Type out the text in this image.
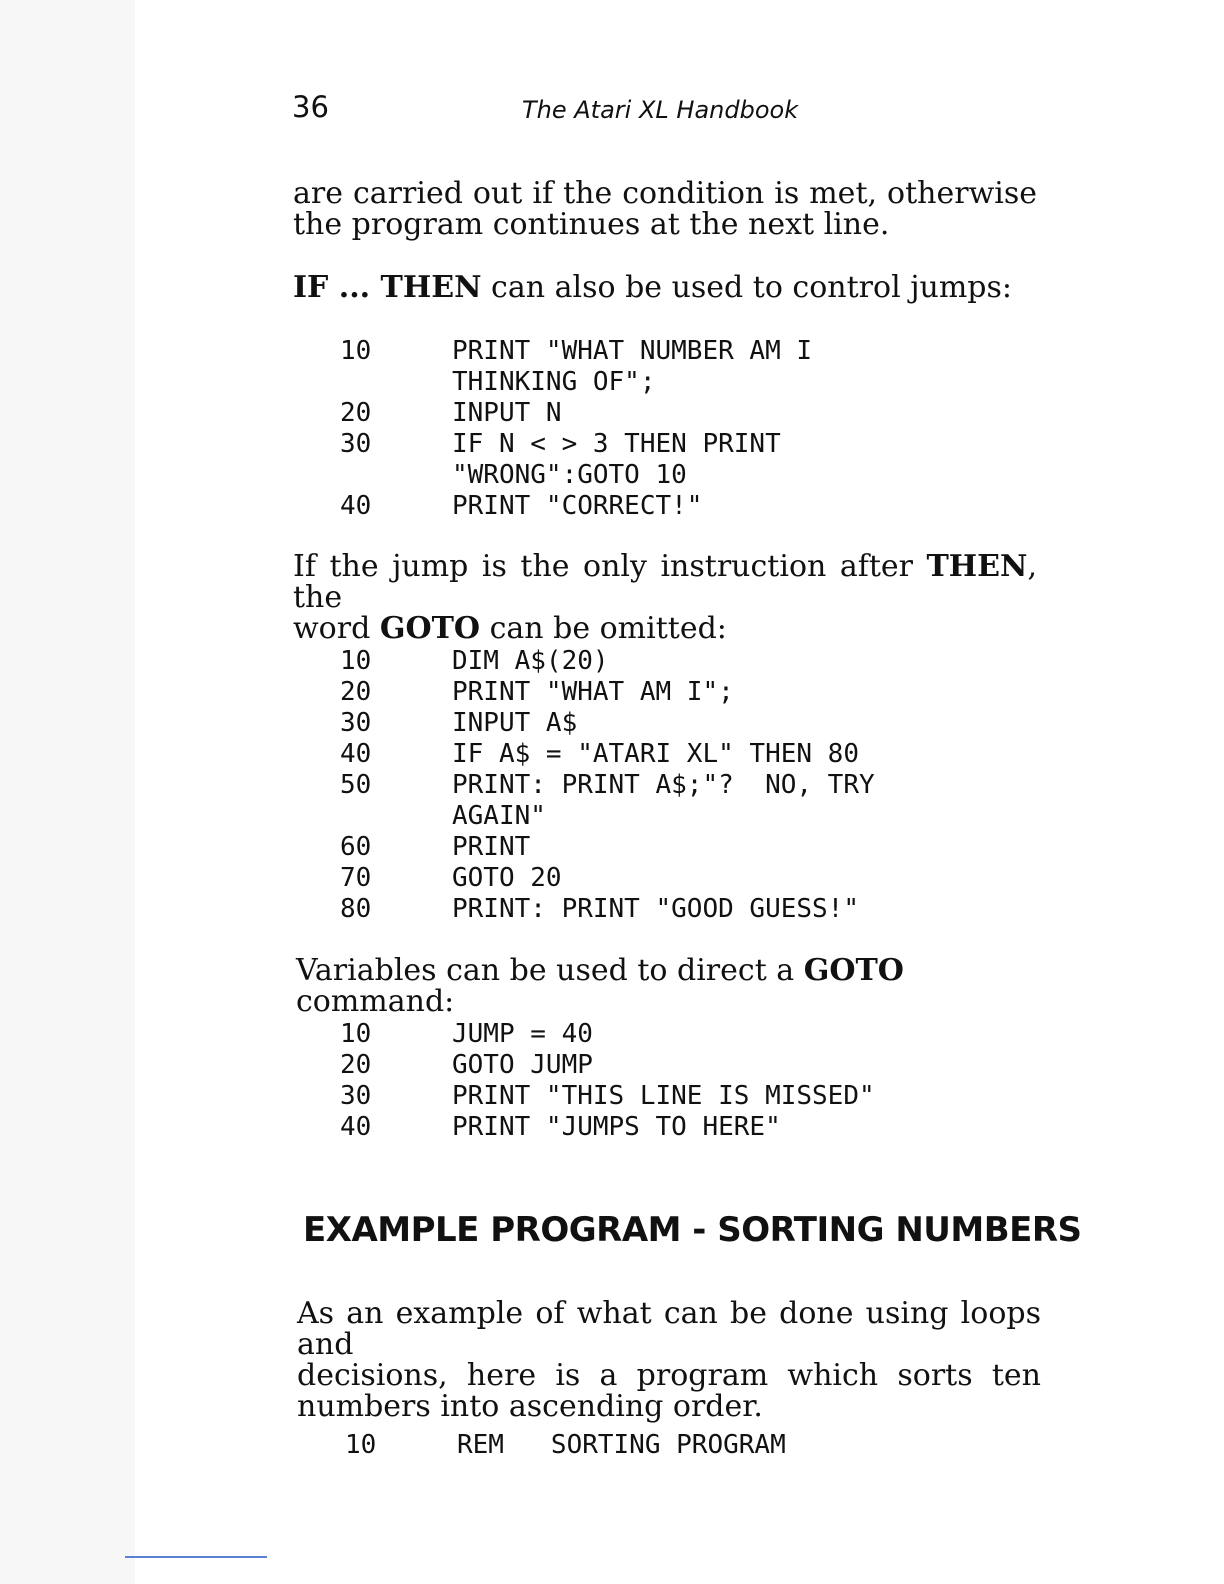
36	The Atari XL Handbook
are carried out if the condition is met, otherwise
the program continues at the next line.
IF ... THEN can also be used to control jumps:
10	PRINT "WHAT NUMBER AM I
THINKING OF";
20	INPUT N
30	IF N < > 3 THEN PRINT
"WRONG":GOTO 10
40	PRINT "CORRECT!"
If the jump is the only instruction after THEN, the
word GOTO can be omitted:
10	DIM A$(20)
20	PRINT "WHAT AM I";
30	INPUT A$
40	IF A$ = "ATARI XL" THEN 80
50	PRINT: PRINT A$;"?  NO, TRY
AGAIN"
60	PRINT
70	GOTO 20
80	PRINT: PRINT "GOOD GUESS!"
Variables can be used to direct a GOTO command:
10	JUMP = 40
20	GOTO JUMP
30	PRINT "THIS LINE IS MISSED"
40	PRINT "JUMPS TO HERE"
EXAMPLE PROGRAM - SORTING NUMBERS
As an example of what can be done using loops and
decisions, here is a program which sorts ten
numbers into ascending order.
10	REM   SORTING PROGRAM
